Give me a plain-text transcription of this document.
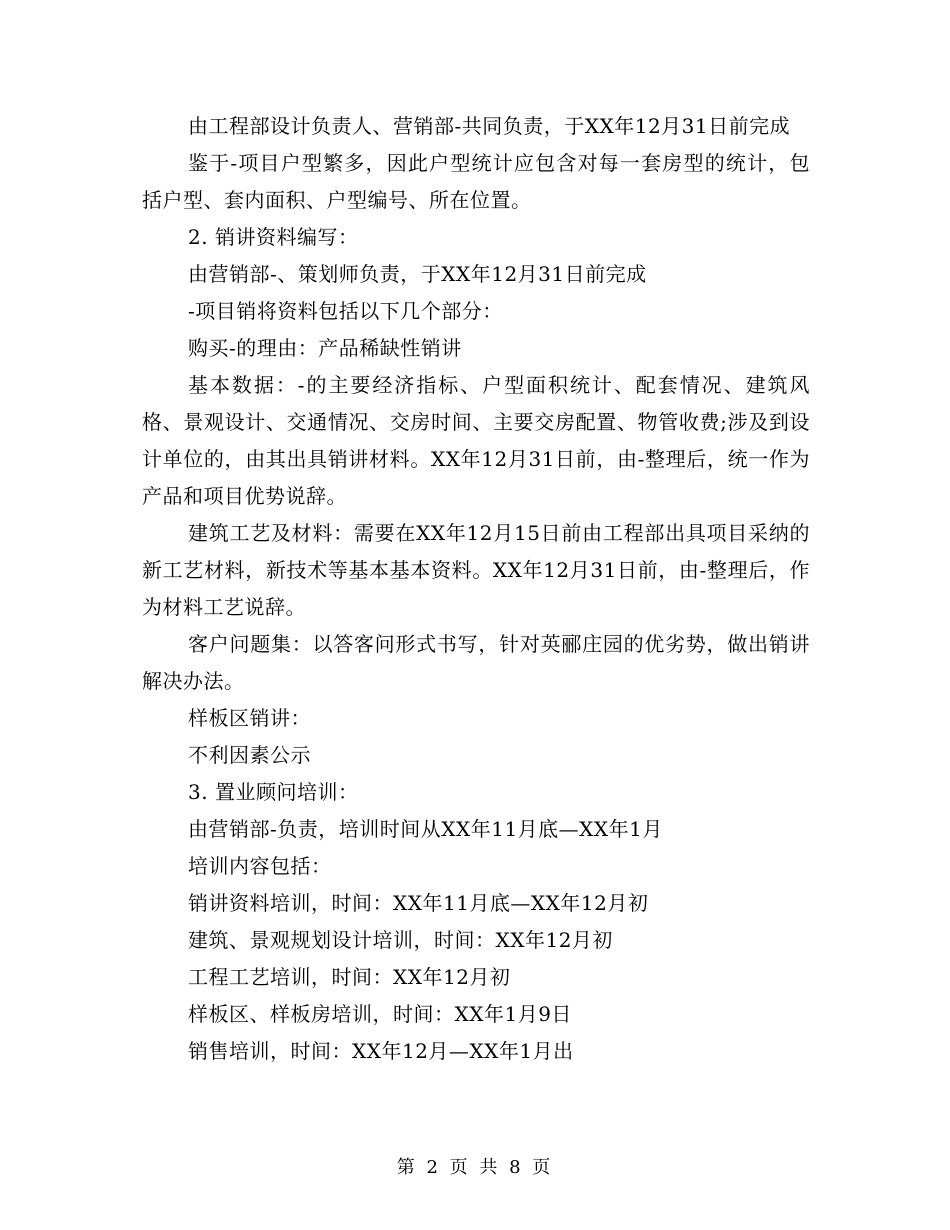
由工程部设计负责人、营销部-共同负责，于XX年12月31日前完成

鉴于-项目户型繁多，因此户型统计应包含对每一套房型的统计，包括户型、套内面积、户型编号、所在位置。

2. 销讲资料编写：

由营销部-、策划师负责，于XX年12月31日前完成

-项目销将资料包括以下几个部分：

购买-的理由：产品稀缺性销讲

基本数据：-的主要经济指标、户型面积统计、配套情况、建筑风格、景观设计、交通情况、交房时间、主要交房配置、物管收费;涉及到设计单位的，由其出具销讲材料。XX年12月31日前，由-整理后，统一作为产品和项目优势说辞。

建筑工艺及材料：需要在XX年12月15日前由工程部出具项目采纳的新工艺材料，新技术等基本基本资料。XX年12月31日前，由-整理后，作为材料工艺说辞。

客户问题集：以答客问形式书写，针对英郦庄园的优劣势，做出销讲解决办法。

样板区销讲：

不利因素公示

3. 置业顾问培训：

由营销部-负责，培训时间从XX年11月底—XX年1月

培训内容包括：

销讲资料培训，时间：XX年11月底—XX年12月初

建筑、景观规划设计培训，时间：XX年12月初

工程工艺培训，时间：XX年12月初

样板区、样板房培训，时间：XX年1月9日

销售培训，时间：XX年12月—XX年1月出

第 2 页 共 8 页
